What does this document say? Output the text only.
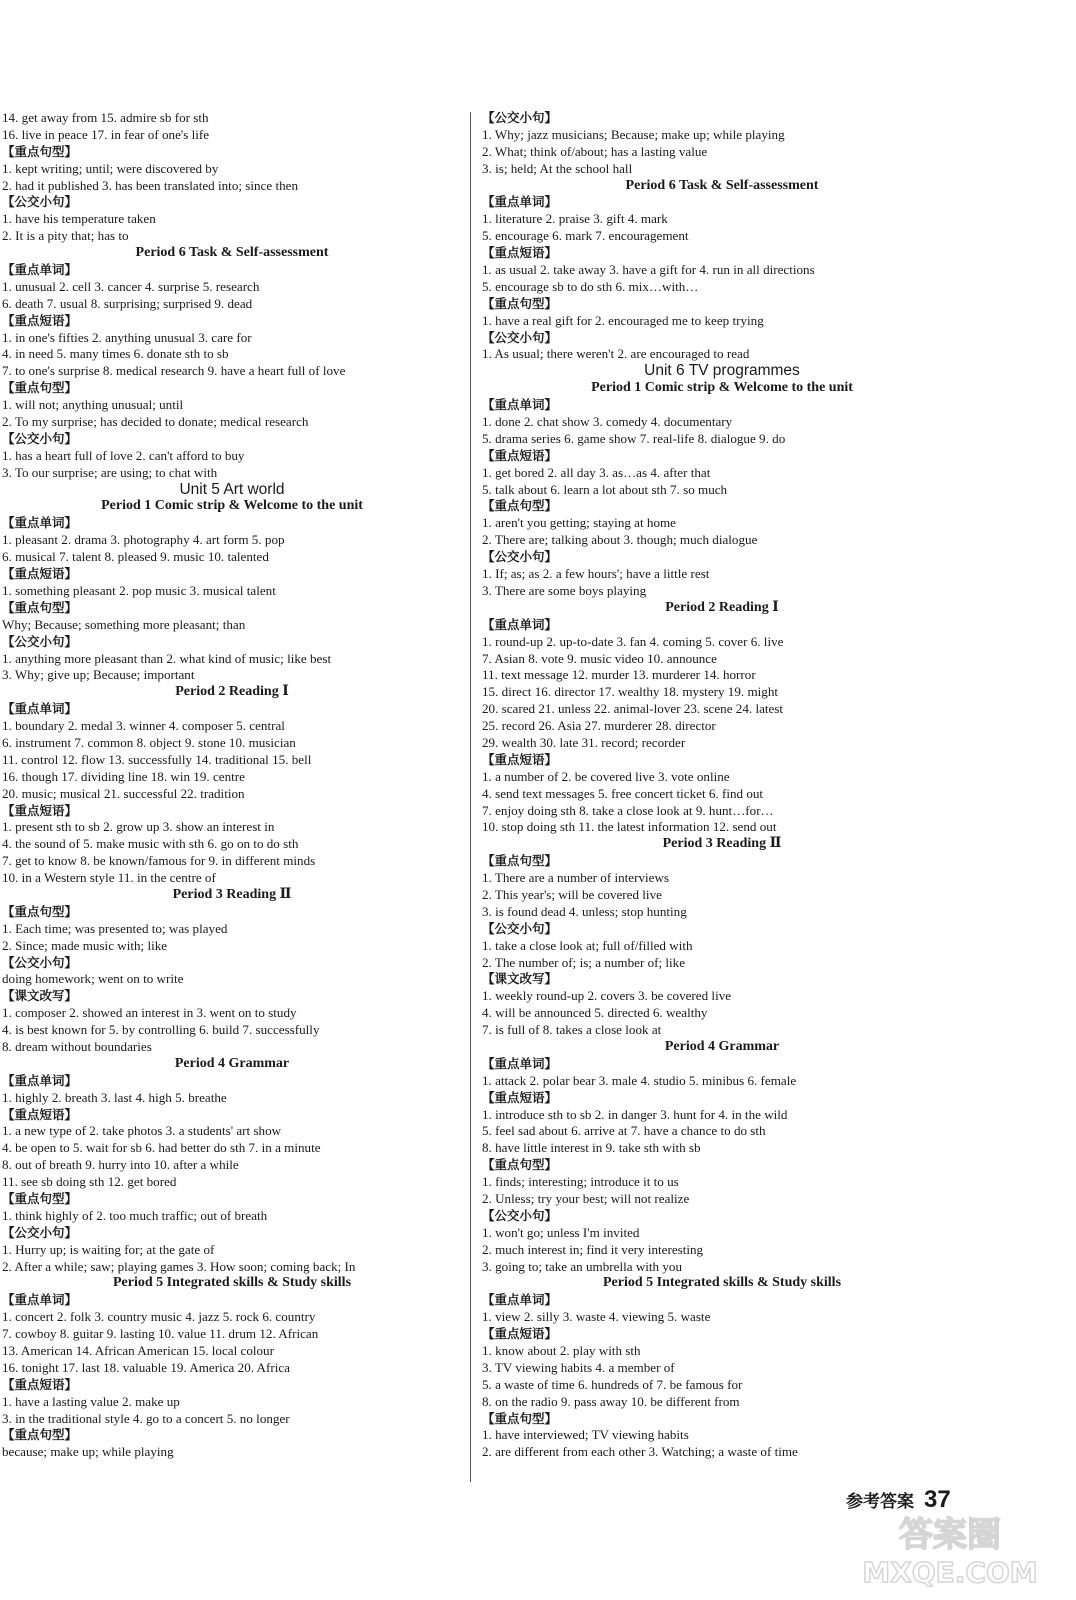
14. get away from 15. admire sb for sth
16. live in peace 17. in fear of one's life
【重点句型】
1. kept writing; until; were discovered by
2. had it published 3. has been translated into; since then
【公交小句】
1. have his temperature taken
2. It is a pity that; has to
Period 6 Task & Self-assessment
【重点单词】
1. unusual 2. cell 3. cancer 4. surprise 5. research
6. death 7. usual 8. surprising; surprised 9. dead
【重点短语】
1. in one's fifties 2. anything unusual 3. care for
4. in need 5. many times 6. donate sth to sb
7. to one's surprise 8. medical research 9. have a heart full of love
【重点句型】
1. will not; anything unusual; until
2. To my surprise; has decided to donate; medical research
【公交小句】
1. has a heart full of love 2. can't afford to buy
3. To our surprise; are using; to chat with
Unit 5 Art world
Period 1 Comic strip & Welcome to the unit
【重点单词】
1. pleasant 2. drama 3. photography 4. art form 5. pop
6. musical 7. talent 8. pleased 9. music 10. talented
【重点短语】
1. something pleasant 2. pop music 3. musical talent
【重点句型】
Why; Because; something more pleasant; than
【公交小句】
1. anything more pleasant than 2. what kind of music; like best
3. Why; give up; Because; important
Period 2 Reading Ⅰ
【重点单词】
1. boundary 2. medal 3. winner 4. composer 5. central
6. instrument 7. common 8. object 9. stone 10. musician
11. control 12. flow 13. successfully 14. traditional 15. bell
16. though 17. dividing line 18. win 19. centre
20. music; musical 21. successful 22. tradition
【重点短语】
1. present sth to sb 2. grow up 3. show an interest in
4. the sound of 5. make music with sth 6. go on to do sth
7. get to know 8. be known/famous for 9. in different minds
10. in a Western style 11. in the centre of
Period 3 Reading Ⅱ
【重点句型】
1. Each time; was presented to; was played
2. Since; made music with; like
【公交小句】
doing homework; went on to write
【课文改写】
1. composer 2. showed an interest in 3. went on to study
4. is best known for 5. by controlling 6. build 7. successfully
8. dream without boundaries
Period 4 Grammar
【重点单词】
1. highly 2. breath 3. last 4. high 5. breathe
【重点短语】
1. a new type of 2. take photos 3. a students' art show
4. be open to 5. wait for sb 6. had better do sth 7. in a minute
8. out of breath 9. hurry into 10. after a while
11. see sb doing sth 12. get bored
【重点句型】
1. think highly of 2. too much traffic; out of breath
【公交小句】
1. Hurry up; is waiting for; at the gate of
2. After a while; saw; playing games 3. How soon; coming back; In
Period 5 Integrated skills & Study skills
【重点单词】
1. concert 2. folk 3. country music 4. jazz 5. rock 6. country
7. cowboy 8. guitar 9. lasting 10. value 11. drum 12. African
13. American 14. African American 15. local colour
16. tonight 17. last 18. valuable 19. America 20. Africa
【重点短语】
1. have a lasting value 2. make up
3. in the traditional style 4. go to a concert 5. no longer
【重点句型】
because; make up; while playing
【公交小句】
1. Why; jazz musicians; Because; make up; while playing
2. What; think of/about; has a lasting value
3. is; held; At the school hall
Period 6 Task & Self-assessment
【重点单词】
1. literature 2. praise 3. gift 4. mark
5. encourage 6. mark 7. encouragement
【重点短语】
1. as usual 2. take away 3. have a gift for 4. run in all directions
5. encourage sb to do sth 6. mix…with…
【重点句型】
1. have a real gift for 2. encouraged me to keep trying
【公交小句】
1. As usual; there weren't 2. are encouraged to read
Unit 6 TV programmes
Period 1 Comic strip & Welcome to the unit
【重点单词】
1. done 2. chat show 3. comedy 4. documentary
5. drama series 6. game show 7. real-life 8. dialogue 9. do
【重点短语】
1. get bored 2. all day 3. as…as 4. after that
5. talk about 6. learn a lot about sth 7. so much
【重点句型】
1. aren't you getting; staying at home
2. There are; talking about 3. though; much dialogue
【公交小句】
1. If; as; as 2. a few hours'; have a little rest
3. There are some boys playing
Period 2 Reading Ⅰ
【重点单词】
1. round-up 2. up-to-date 3. fan 4. coming 5. cover 6. live
7. Asian 8. vote 9. music video 10. announce
11. text message 12. murder 13. murderer 14. horror
15. direct 16. director 17. wealthy 18. mystery 19. might
20. scared 21. unless 22. animal-lover 23. scene 24. latest
25. record 26. Asia 27. murderer 28. director
29. wealth 30. late 31. record; recorder
【重点短语】
1. a number of 2. be covered live 3. vote online
4. send text messages 5. free concert ticket 6. find out
7. enjoy doing sth 8. take a close look at 9. hunt…for…
10. stop doing sth 11. the latest information 12. send out
Period 3 Reading Ⅱ
【重点句型】
1. There are a number of interviews
2. This year's; will be covered live
3. is found dead 4. unless; stop hunting
【公交小句】
1. take a close look at; full of/filled with
2. The number of; is; a number of; like
【课文改写】
1. weekly round-up 2. covers 3. be covered live
4. will be announced 5. directed 6. wealthy
7. is full of 8. takes a close look at
Period 4 Grammar
【重点单词】
1. attack 2. polar bear 3. male 4. studio 5. minibus 6. female
【重点短语】
1. introduce sth to sb 2. in danger 3. hunt for 4. in the wild
5. feel sad about 6. arrive at 7. have a chance to do sth
8. have little interest in 9. take sth with sb
【重点句型】
1. finds; interesting; introduce it to us
2. Unless; try your best; will not realize
【公交小句】
1. won't go; unless I'm invited
2. much interest in; find it very interesting
3. going to; take an umbrella with you
Period 5 Integrated skills & Study skills
【重点单词】
1. view 2. silly 3. waste 4. viewing 5. waste
【重点短语】
1. know about 2. play with sth
3. TV viewing habits 4. a member of
5. a waste of time 6. hundreds of 7. be famous for
8. on the radio 9. pass away 10. be different from
【重点句型】
1. have interviewed; TV viewing habits
2. are different from each other 3. Watching; a waste of time
参考答案 37
答案圈
MXQE.COM
